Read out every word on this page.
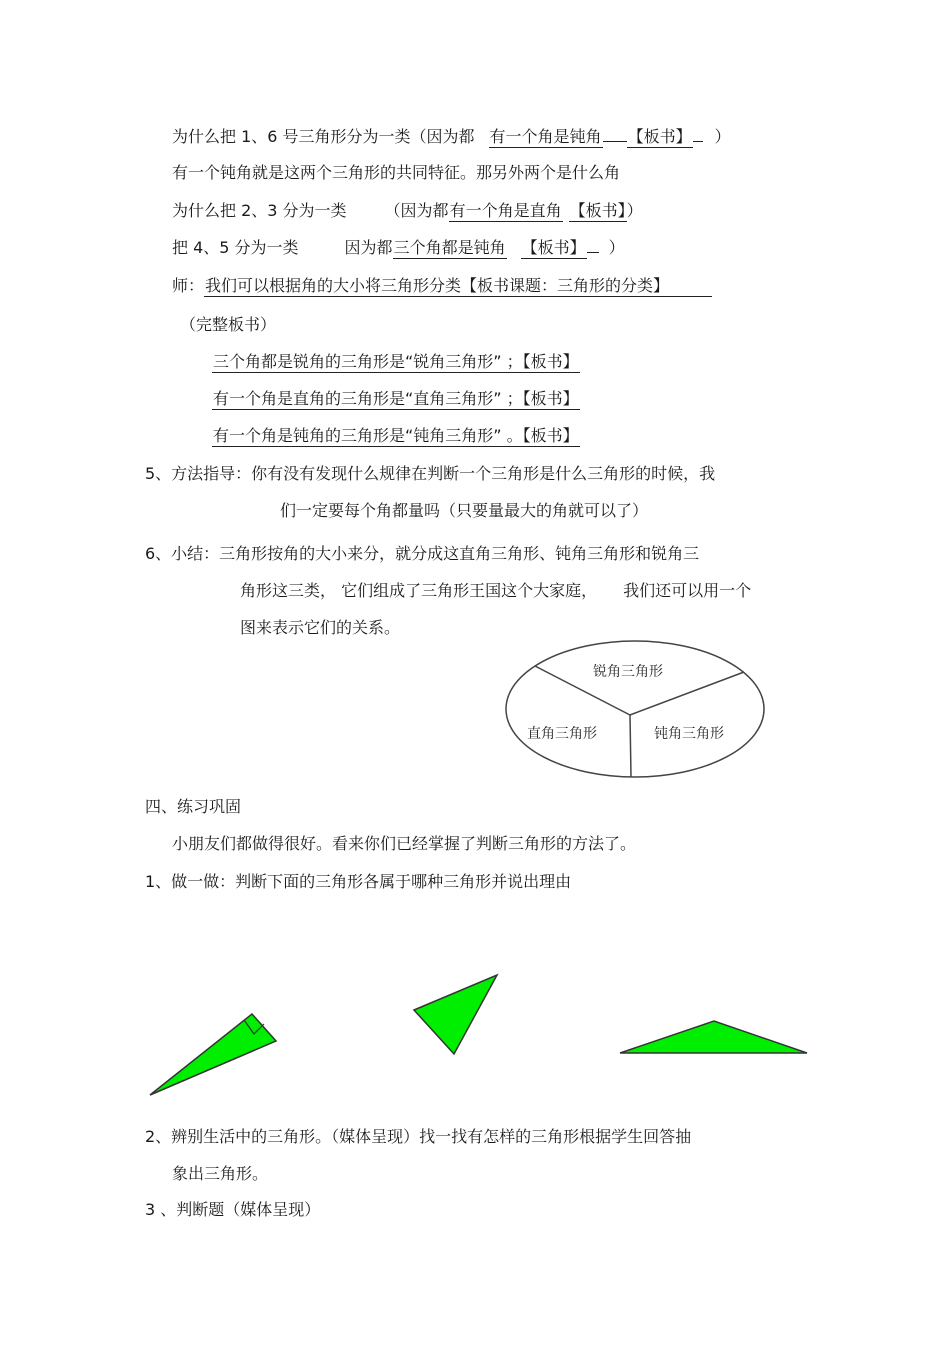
为什么把 1、6 号三角形分为一类（因为都 有一个角是钝角 【板书】 ）
有一个钝角就是这两个三角形的共同特征。那另外两个是什么角
为什么把 2、3 分为一类 （因为都有一个角是直角 【板书】）
把 4、5 分为一类	因为都三个角都是钝角 【板书】 ）
师：我们可以根据角的大小将三角形分类【板书课题：三角形的分类】
（完整板书）
三个角都是锐角的三角形是“锐角三角形” ；【板书】
有一个角是直角的三角形是“直角三角形” ；【板书】
有一个角是钝角的三角形是“钝角三角形” 。【板书】
5、方法指导：你有没有发现什么规律在判断一个三角形是什么三角形的时候，我
们一定要每个角都量吗（只要量最大的角就可以了）
6、小结：三角形按角的大小来分，就分成这直角三角形、钝角三角形和锐角三
角形这三类， 它们组成了三角形王国这个大家庭， 我们还可以用一个
图来表示它们的关系。
锐角三角形
直角三角形	钝角三角形
四、练习巩固
小朋友们都做得很好。看来你们已经掌握了判断三角形的方法了。
1、做一做：判断下面的三角形各属于哪种三角形并说出理由
2、辨别生活中的三角形。（媒体呈现）找一找有怎样的三角形根据学生回答抽
象出三角形。
3 、判断题（媒体呈现）
